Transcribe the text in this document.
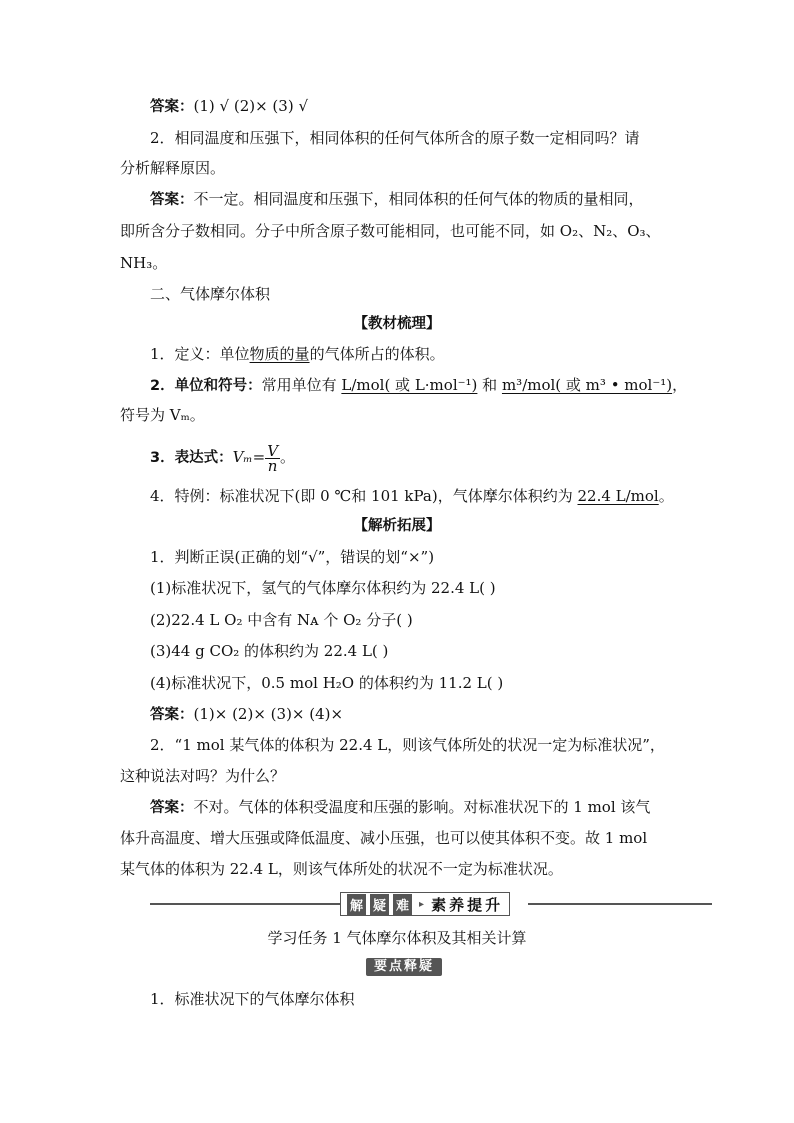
答案：(1) √ (2)× (3) √
2．相同温度和压强下，相同体积的任何气体所含的原子数一定相同吗？请
分析解释原因。
答案：不一定。相同温度和压强下，相同体积的任何气体的物质的量相同，
即所含分子数相同。分子中所含原子数可能相同，也可能不同，如 O₂、N₂、O₃、
NH₃。
二、气体摩尔体积
【教材梳理】
1．定义：单位物质的量的气体所占的体积。
2．单位和符号：常用单位有 L/mol( 或 L·mol⁻¹) 和 m³/mol( 或 m³ • mol⁻¹)，
符号为 Vₘ。
3．表达式：$V_m= \frac{V}{n}$ 。
4．特例：标准状况下(即 0 ℃和 101 kPa)，气体摩尔体积约为 22.4 L/mol。
【解析拓展】
1．判断正误(正确的划“√”，错误的划“×”)
(1)标准状况下，氢气的气体摩尔体积约为 22.4 L( )
(2)22.4 L O₂ 中含有 Nᴀ 个 O₂ 分子( )
(3)44 g CO₂ 的体积约为 22.4 L( )
(4)标准状况下，0.5 mol H₂O 的体积约为 11.2 L( )
答案：(1)× (2)× (3)× (4)×
2．“1 mol 某气体的体积为 22.4 L，则该气体所处的状况一定为标准状况”，
这种说法对吗？为什么？
答案：不对。气体的体积受温度和压强的影响。对标准状况下的 1 mol 该气
体升高温度、增大压强或降低温度、减小压强，也可以使其体积不变。故 1 mol
某气体的体积为 22.4 L，则该气体所处的状况不一定为标准状况。
解 疑 难	▸ 素养提升
学习任务 1 气体摩尔体积及其相关计算
要点释疑
1．标准状况下的气体摩尔体积
